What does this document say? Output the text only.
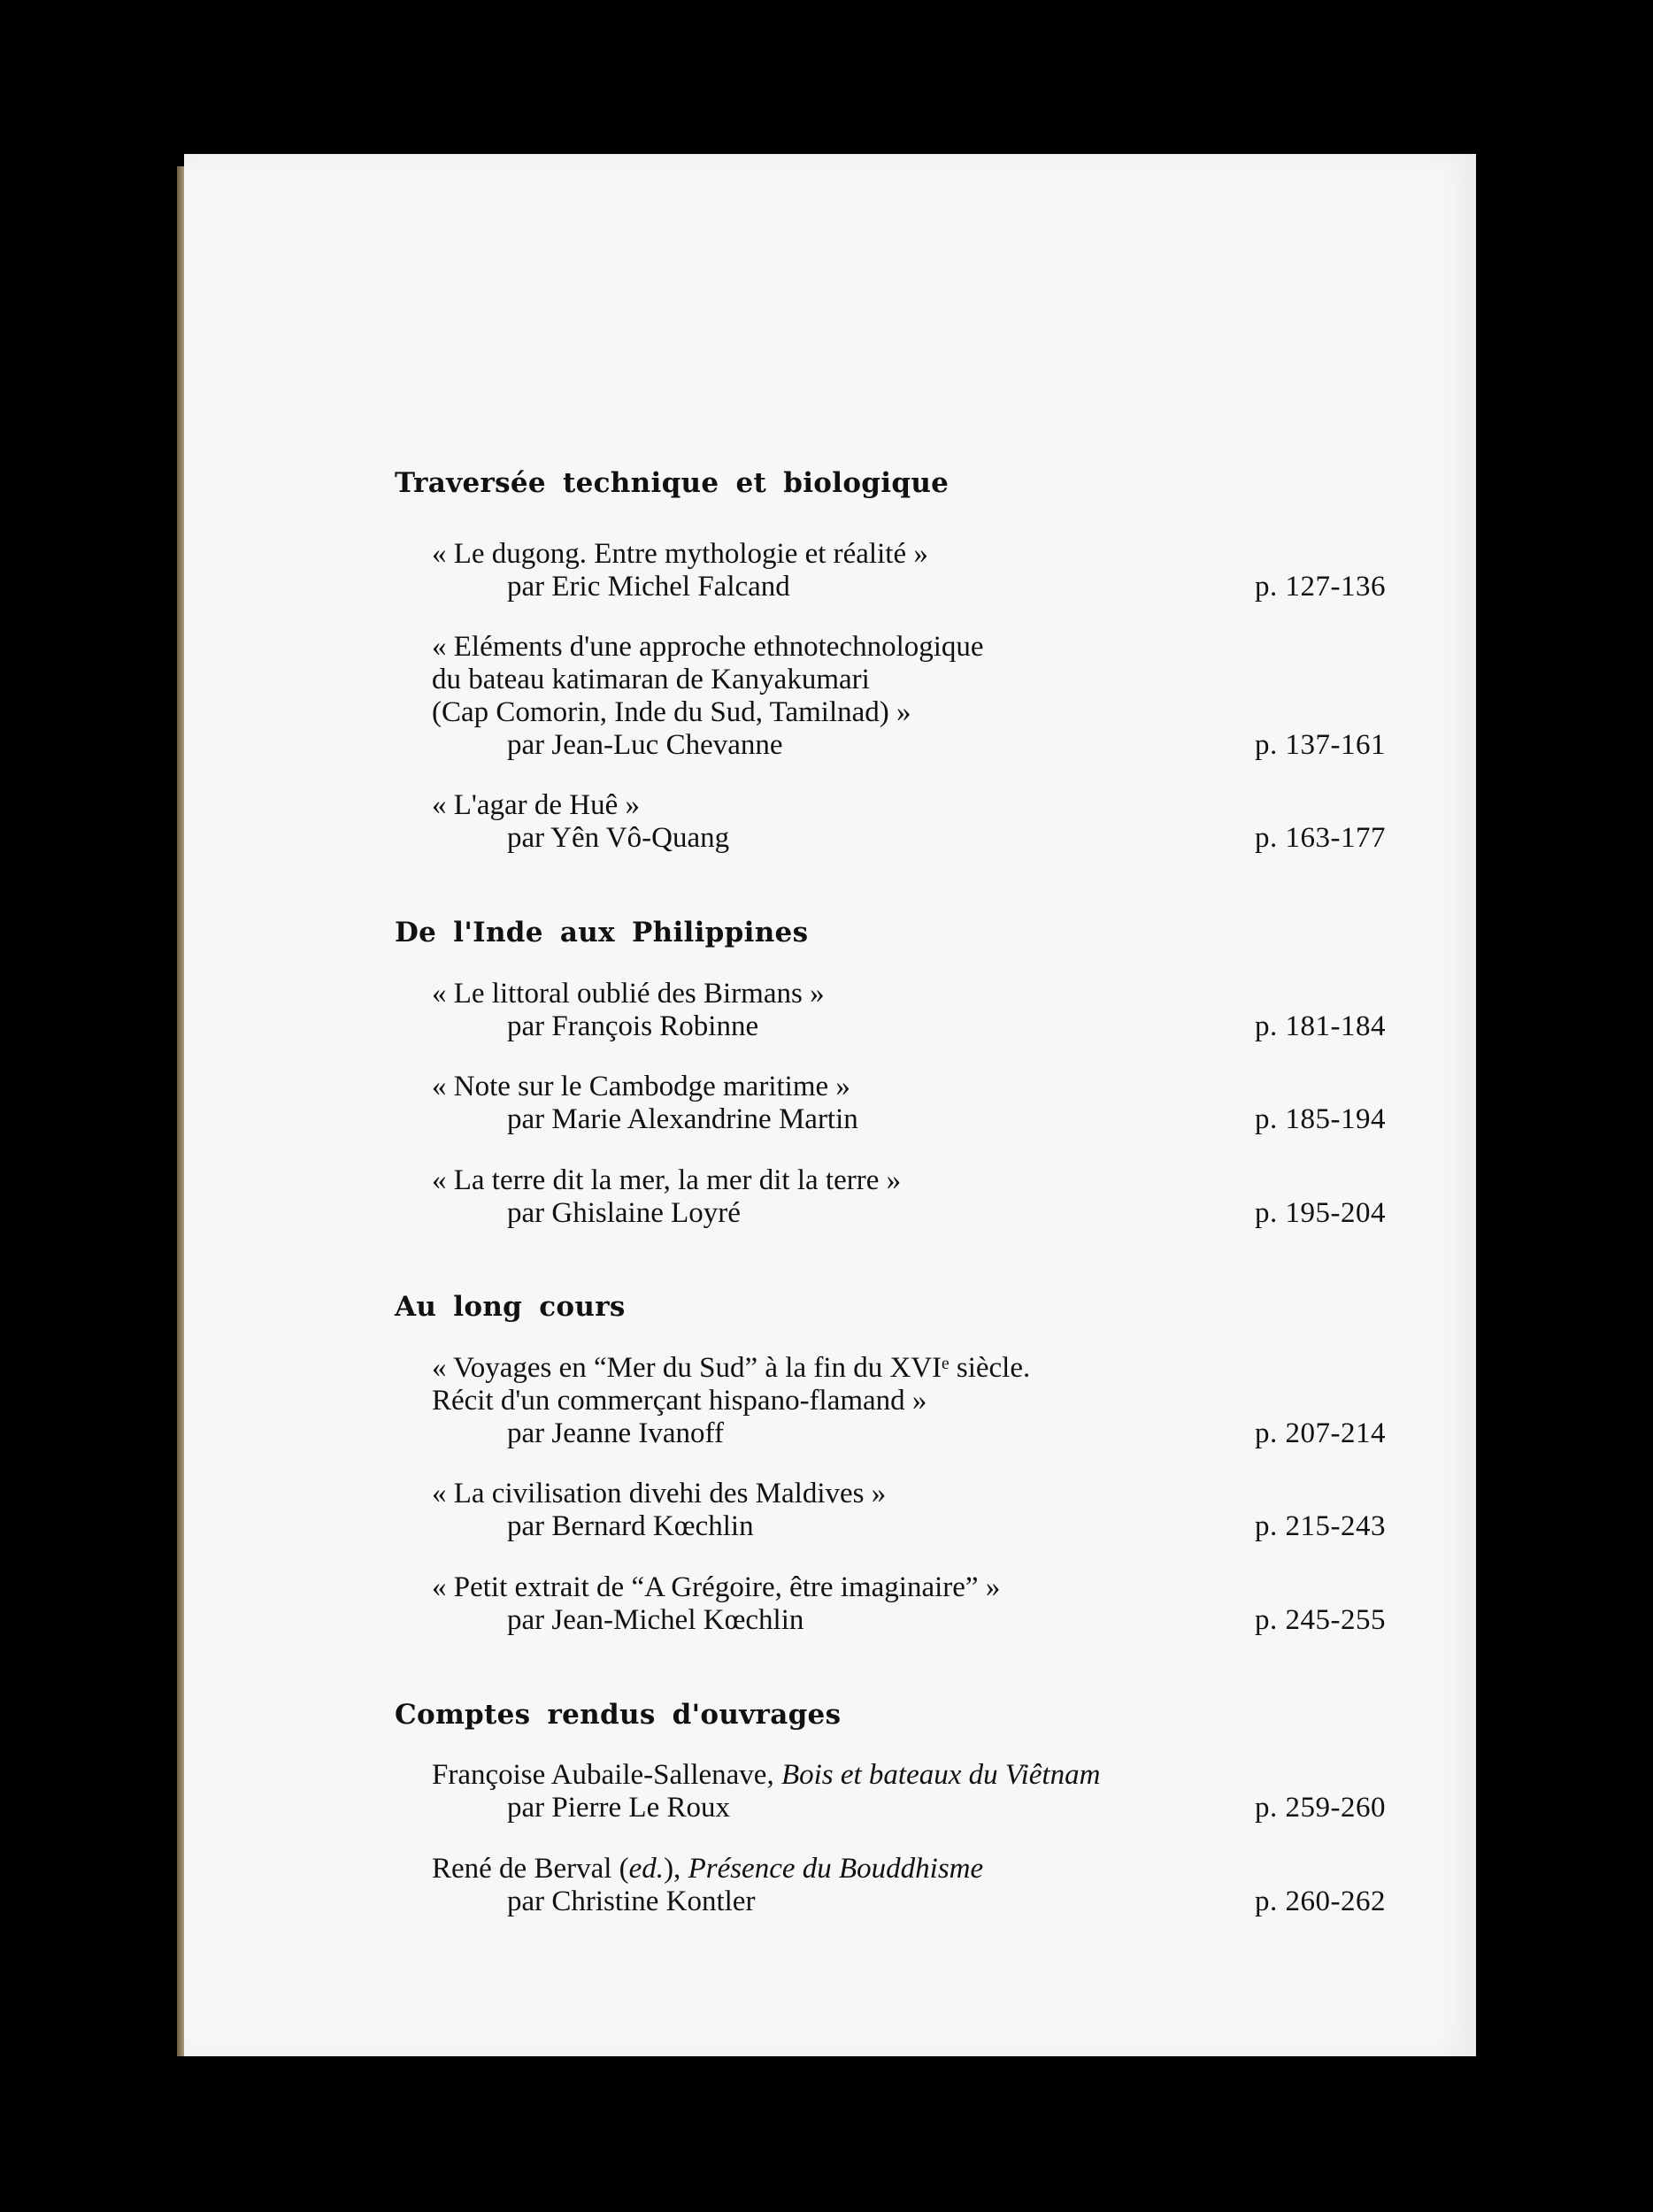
Traversée technique et biologique
« Le dugong. Entre mythologie et réalité »
par Eric Michel Falcand	p. 127-136
« Eléments d'une approche ethnotechnologique
du bateau katimaran de Kanyakumari
(Cap Comorin, Inde du Sud, Tamilnad) »
par Jean-Luc Chevanne	p. 137-161
« L'agar de Huê »
par Yên Vô-Quang	p. 163-177
De l'Inde aux Philippines
« Le littoral oublié des Birmans »
par François Robinne	p. 181-184
« Note sur le Cambodge maritime »
par Marie Alexandrine Martin	p. 185-194
« La terre dit la mer, la mer dit la terre »
par Ghislaine Loyré	p. 195-204
Au long cours
« Voyages en “Mer du Sud” à la fin du XVIᵉ siècle.
Récit d'un commerçant hispano-flamand »
par Jeanne Ivanoff	p. 207-214
« La civilisation divehi des Maldives »
par Bernard Kœchlin	p. 215-243
« Petit extrait de “A Grégoire, être imaginaire” »
par Jean-Michel Kœchlin	p. 245-255
Comptes rendus d'ouvrages
Françoise Aubaile-Sallenave, Bois et bateaux du Viêtnam
par Pierre Le Roux	p. 259-260
René de Berval (ed.), Présence du Bouddhisme
par Christine Kontler	p. 260-262
